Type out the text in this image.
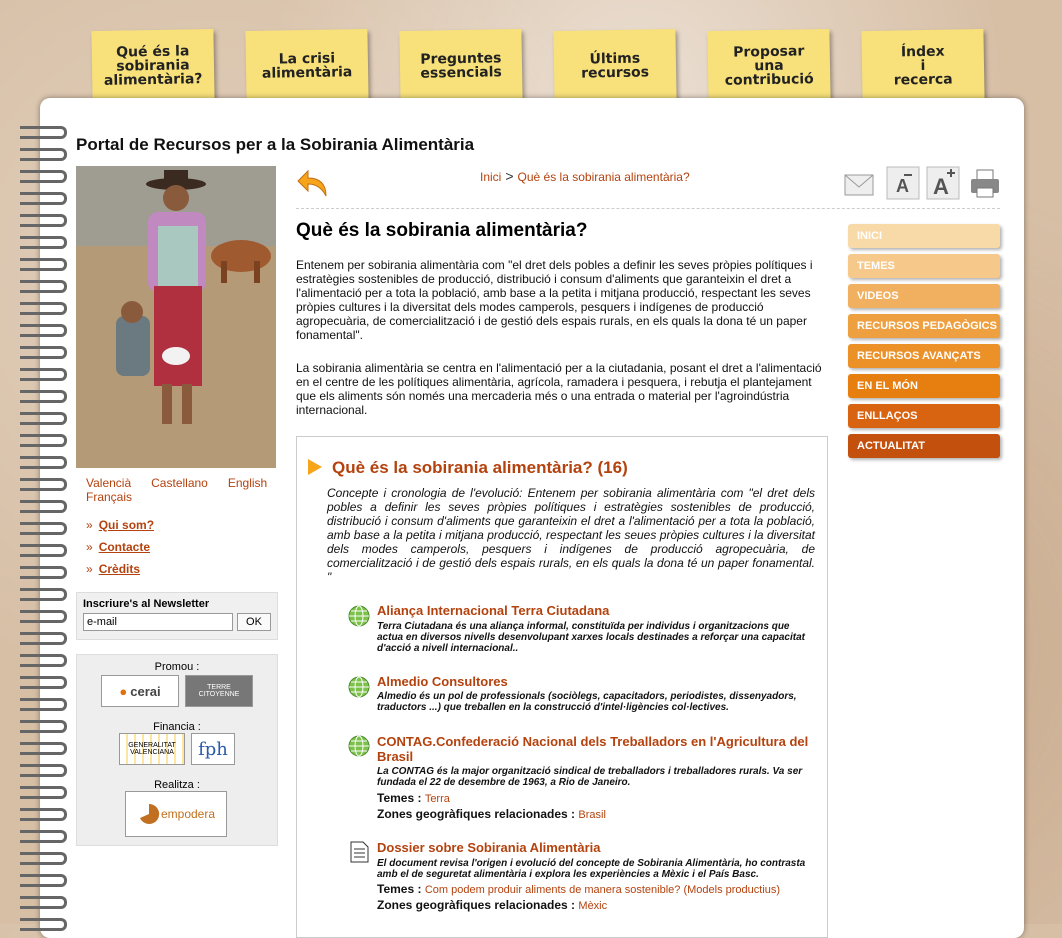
Qué és la
sobirania
alimentària?
La crisi
alimentària
Preguntes
essencials
Últims
recursos
Proposar
una
contribució
Índex
i
recerca
Portal de Recursos per a la Sobirania Alimentària
Valencià Castellano English
Français
» Qui som?
» Contacte
» Crèdits
Inscriure's al Newsletter
e-mail
OK
Promou :
● cerai	TERRE CITOYENNE
Financia :
GENERALITAT VALENCIANA	fph
Realitza :
empodera
Inici > Què és la sobirania alimentària?	A A
Què és la sobirania alimentària?
Entenem per sobirania alimentària com "el dret dels pobles a definir les seves pròpies polítiques i estratègies sostenibles de producció, distribució i consum d'aliments que garanteixin el dret a l'alimentació per a tota la població, amb base a la petita i mitjana producció, respectant les seves pròpies cultures i la diversitat dels modes camperols, pesquers i indígenes de producció agropecuària, de comercialització i de gestió dels espais rurals, en els quals la dona té un paper fonamental".
La sobirania alimentària se centra en l'alimentació per a la ciutadania, posant el dret a l'alimentació en el centre de les polítiques alimentària, agrícola, ramadera i pesquera, i rebutja el plantejament que els aliments són només una mercaderia més o una entrada o material per l'agroindústria internacional.
INICI
TEMES
VIDEOS
RECURSOS PEDAGÒGICS
RECURSOS AVANÇATS
EN EL MÓN
ENLLAÇOS
ACTUALITAT
Què és la sobirania alimentària? (16)
Concepte i cronologia de l'evolució: Entenem per sobirania alimentària com "el dret dels pobles a definir les seves pròpies polítiques i estratègies sostenibles de producció, distribució i consum d'aliments que garanteixin el dret a l'alimentació per a tota la població, amb base a la petita i mitjana producció, respectant les seues pròpies cultures i la diversitat dels modes camperols, pesquers i indígenes de producció agropecuària, de comercialització i de gestió dels espais rurals, en els quals la dona té un paper fonamental. "
Aliança Internacional Terra Ciutadana
Terra Ciutadana és una aliança informal, constituïda per individus i organitzacions que actua en diversos nivells desenvolupant xarxes locals destinades a reforçar una capacitat d'acció a nivell internacional..
Almedio Consultores
Almedio és un pol de professionals (sociòlegs, capacitadors, periodistes, dissenyadors, traductors ...) que treballen en la construcció d'intel·ligències col·lectives.
CONTAG.Confederació Nacional dels Treballadors en l'Agricultura del Brasil
La CONTAG és la major organització sindical de treballadors i treballadores rurals. Va ser fundada el 22 de desembre de 1963, a Rio de Janeiro.
Temes : Terra
Zones geogràfiques relacionades : Brasil
Dossier sobre Sobirania Alimentària
El document revisa l'origen i evolució del concepte de Sobirania Alimentària, ho contrasta amb el de seguretat alimentària i explora les experiències a Mèxic i el País Basc.
Temes : Com podem produir aliments de manera sostenible? (Models productius)
Zones geogràfiques relacionades : Mèxic
